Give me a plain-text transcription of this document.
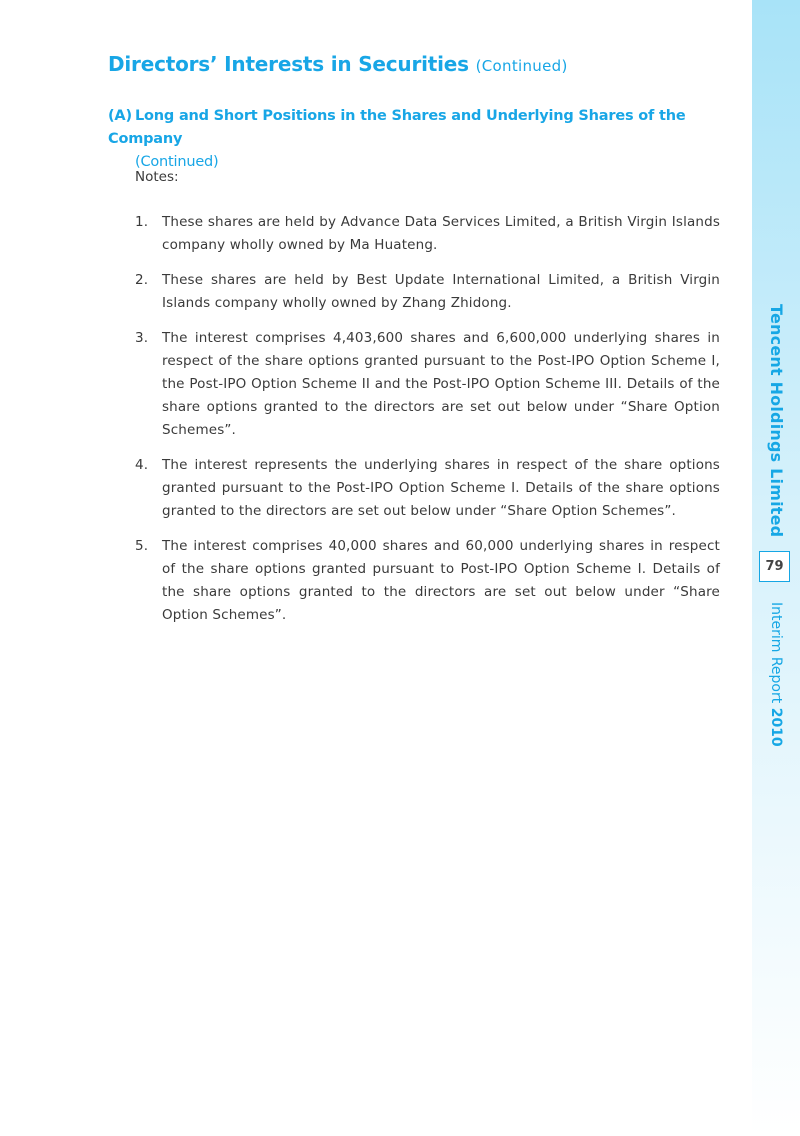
Tencent Holdings Limited
Interim Report 2010
79
Directors’ Interests in Securities (Continued)
(A) Long and Short Positions in the Shares and Underlying Shares of the Company
(Continued)
Notes:
1. These shares are held by Advance Data Services Limited, a British Virgin Islands company wholly owned by Ma Huateng.
2. These shares are held by Best Update International Limited, a British Virgin Islands company wholly owned by Zhang Zhidong.
3. The interest comprises 4,403,600 shares and 6,600,000 underlying shares in respect of the share options granted pursuant to the Post-IPO Option Scheme I, the Post-IPO Option Scheme II and the Post-IPO Option Scheme III. Details of the share options granted to the directors are set out below under “Share Option Schemes”.
4. The interest represents the underlying shares in respect of the share options granted pursuant to the Post-IPO Option Scheme I. Details of the share options granted to the directors are set out below under “Share Option Schemes”.
5. The interest comprises 40,000 shares and 60,000 underlying shares in respect of the share options granted pursuant to Post-IPO Option Scheme I. Details of the share options granted to the directors are set out below under “Share Option Schemes”.
